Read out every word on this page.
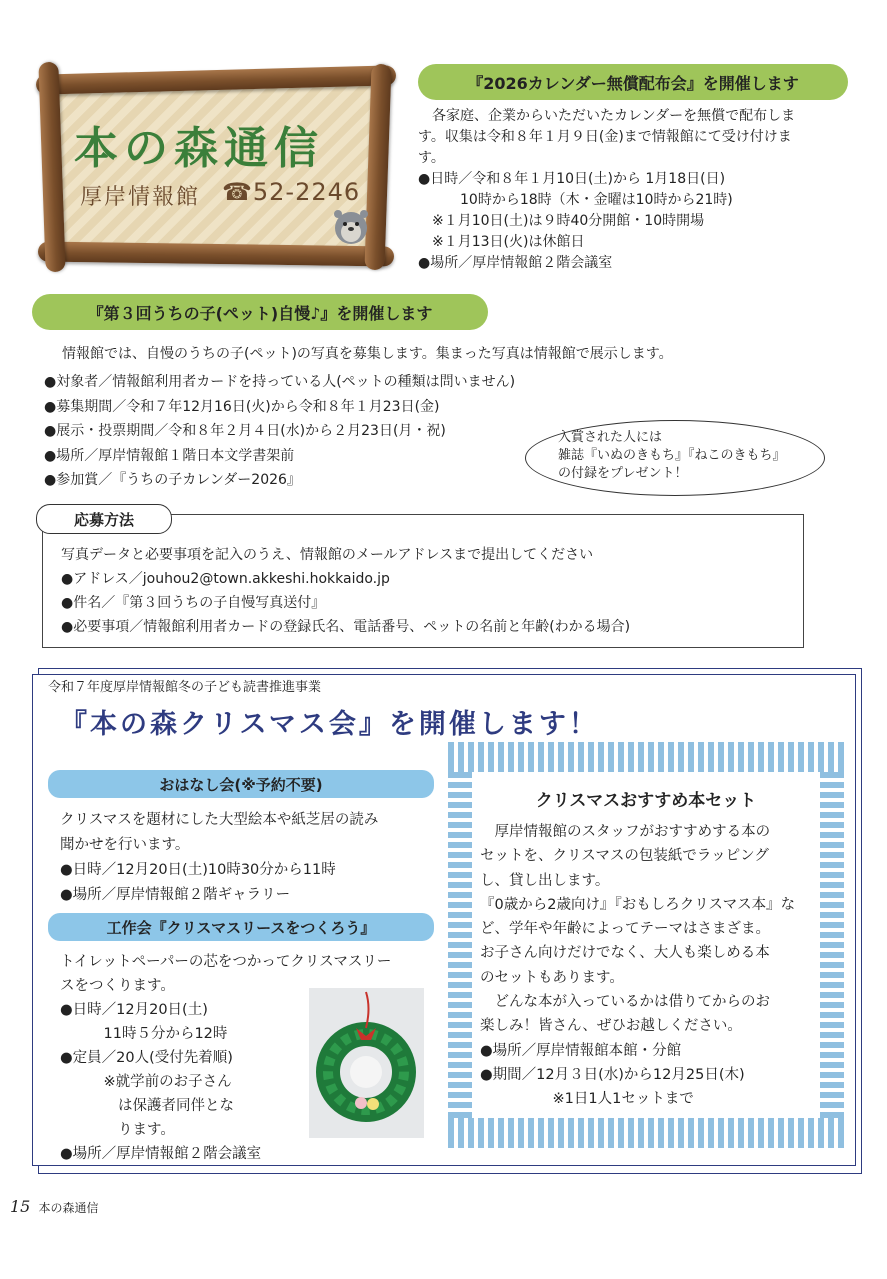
本の森通信
厚岸情報館 ☎52-2246
『2026カレンダー無償配布会』を開催します

　各家庭、企業からいただいたカレンダーを無償で配布しま

す。収集は令和８年１月９日(金)まで情報館にて受け付けま

す。

●日時／令和８年１月10日(土)から 1月18日(日)

　　　10時から18時（木・金曜は10時から21時)

　※１月10日(土)は９時40分開館・10時開場

　※１月13日(火)は休館日

●場所／厚岸情報館２階会議室

『第３回うちの子(ペット)自慢♪』を開催します
情報館では、自慢のうちの子(ペット)の写真を募集します。集まった写真は情報館で展示します。

●対象者／情報館利用者カードを持っている人(ペットの種類は問いません)

●募集期間／令和７年12月16日(火)から令和８年１月23日(金)

●展示・投票期間／令和８年２月４日(水)から２月23日(月・祝)

●場所／厚岸情報館１階日本文学書架前

●参加賞／『うちの子カレンダー2026』

入賞された人には
雑誌『いぬのきもち』『ねこのきもち』
の付録をプレゼント！

写真データと必要事項を記入のうえ、情報館のメールアドレスまで提出してください

●アドレス／jouhou2@town.akkeshi.hokkaido.jp

●件名／『第３回うちの子自慢写真送付』

●必要事項／情報館利用者カードの登録氏名、電話番号、ペットの名前と年齢(わかる場合)

応募方法
令和７年度厚岸情報館冬の子ども読書推進事業
『本の森クリスマス会』を開催します！
おはなし会(※予約不要)

クリスマスを題材にした大型絵本や紙芝居の読み

聞かせを行います。

●日時／12月20日(土)10時30分から11時

●場所／厚岸情報館２階ギャラリー

工作会『クリスマスリースをつくろう』

トイレットペーパーの芯をつかってクリスマスリー

スをつくります。

●日時／12月20日(土)

　　　11時５分から12時

●定員／20人(受付先着順)

　　　※就学前のお子さん

　　　　は保護者同伴とな

　　　　ります。

●場所／厚岸情報館２階会議室

クリスマスおすすめ本セット

　厚岸情報館のスタッフがおすすめする本の

セットを、クリスマスの包装紙でラッピング

し、貸し出します。

『0歳から2歳向け』『おもしろクリスマス本』な

ど、学年や年齢によってテーマはさまざま。

お子さん向けだけでなく、大人も楽しめる本

のセットもあります。

　どんな本が入っているかは借りてからのお

楽しみ！皆さん、ぜひお越しください。

●場所／厚岸情報館本館・分館

●期間／12月３日(水)から12月25日(木)

　　　　　※1日1人1セットまで

15 本の森通信
